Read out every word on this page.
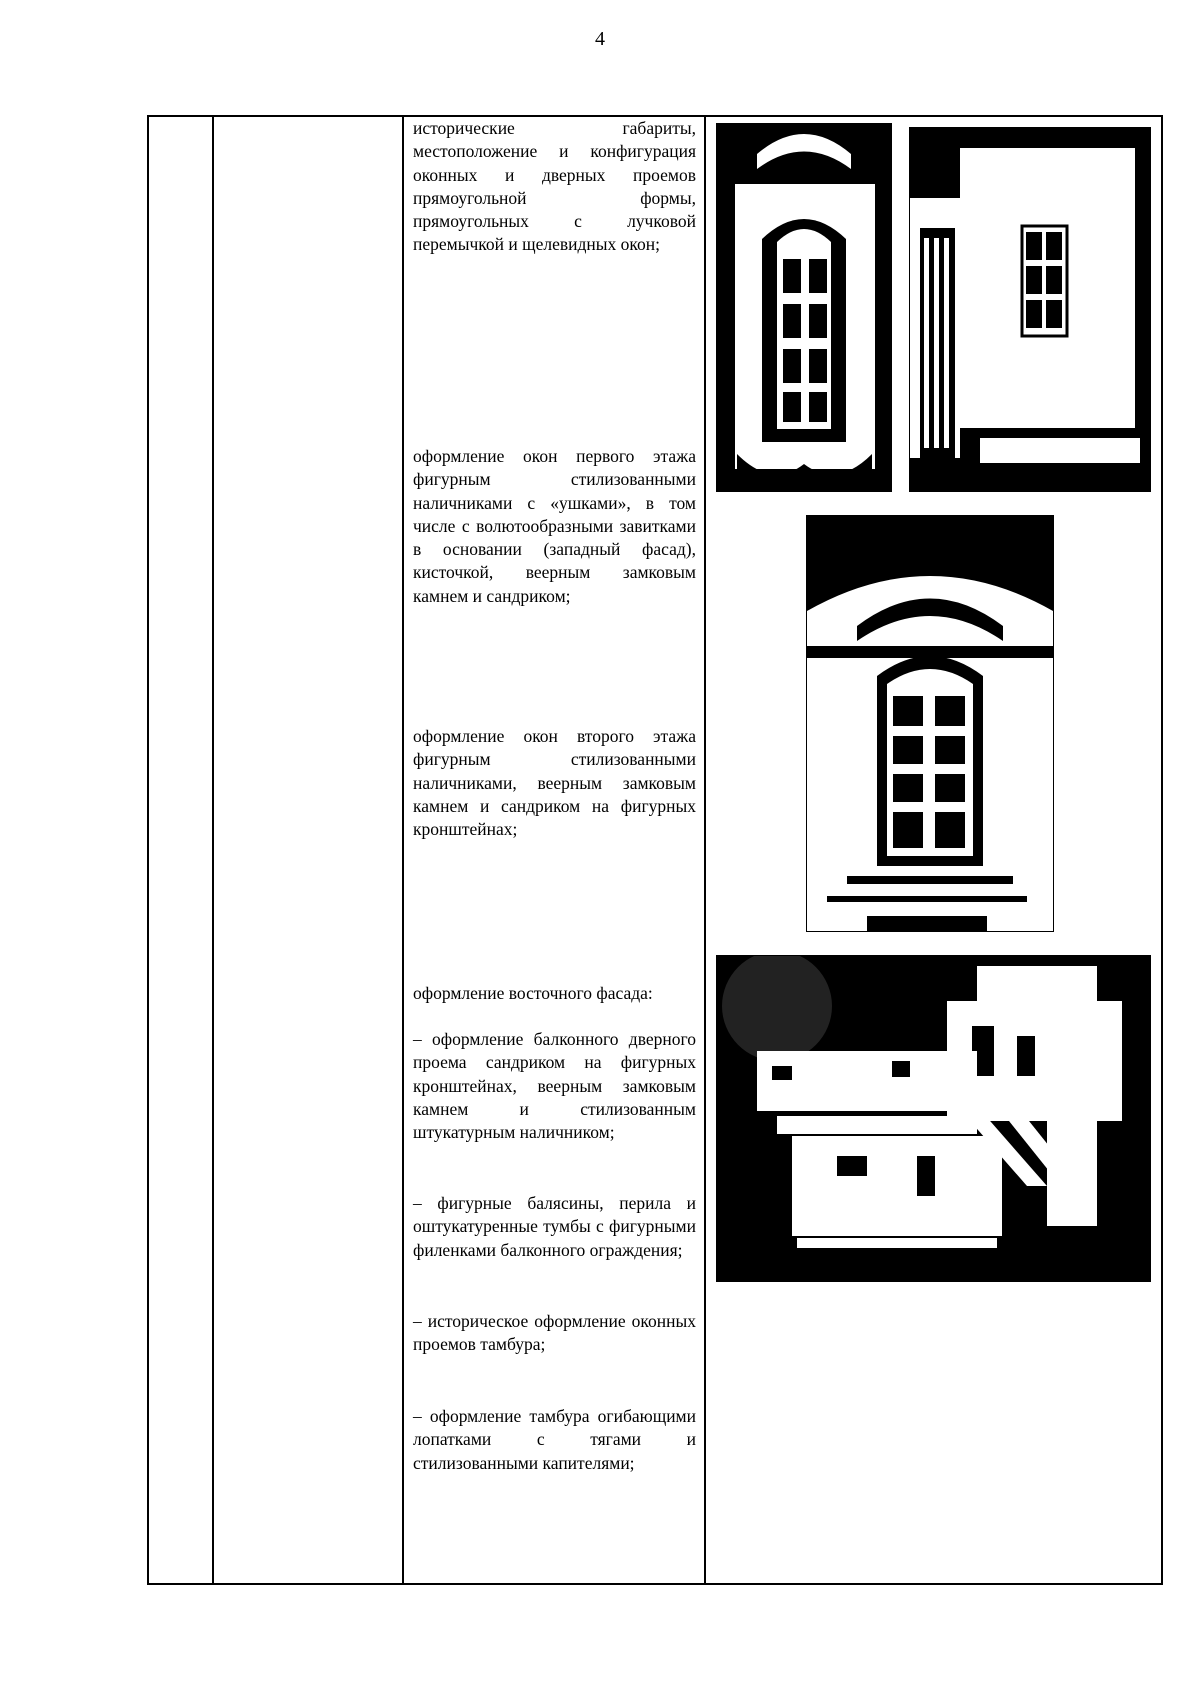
4

исторические габариты, местоположение и конфигурация оконных и дверных проемов прямоугольной формы, прямоугольных с лучковой перемычкой и щелевидных окон;

оформление окон первого этажа фигурным стилизованными наличниками с «ушками», в том числе с волютообразными завитками в основании (западный фасад), кисточкой, веерным замковым камнем и сандриком;

оформление окон второго этажа фигурным стилизованными наличниками, веерным замковым камнем и сандриком на фигурных кронштейнах;

оформление восточного фасада:

– оформление балконного дверного проема сандриком на фигурных кронштейнах, веерным замковым камнем и стилизованным штукатурным наличником;

– фигурные балясины, перила и оштукатуренные тумбы с фигурными филенками балконного ограждения;

– историческое оформление оконных проемов тамбура;

– оформление тамбура огибающими лопатками с тягами и стилизованными капителями;
